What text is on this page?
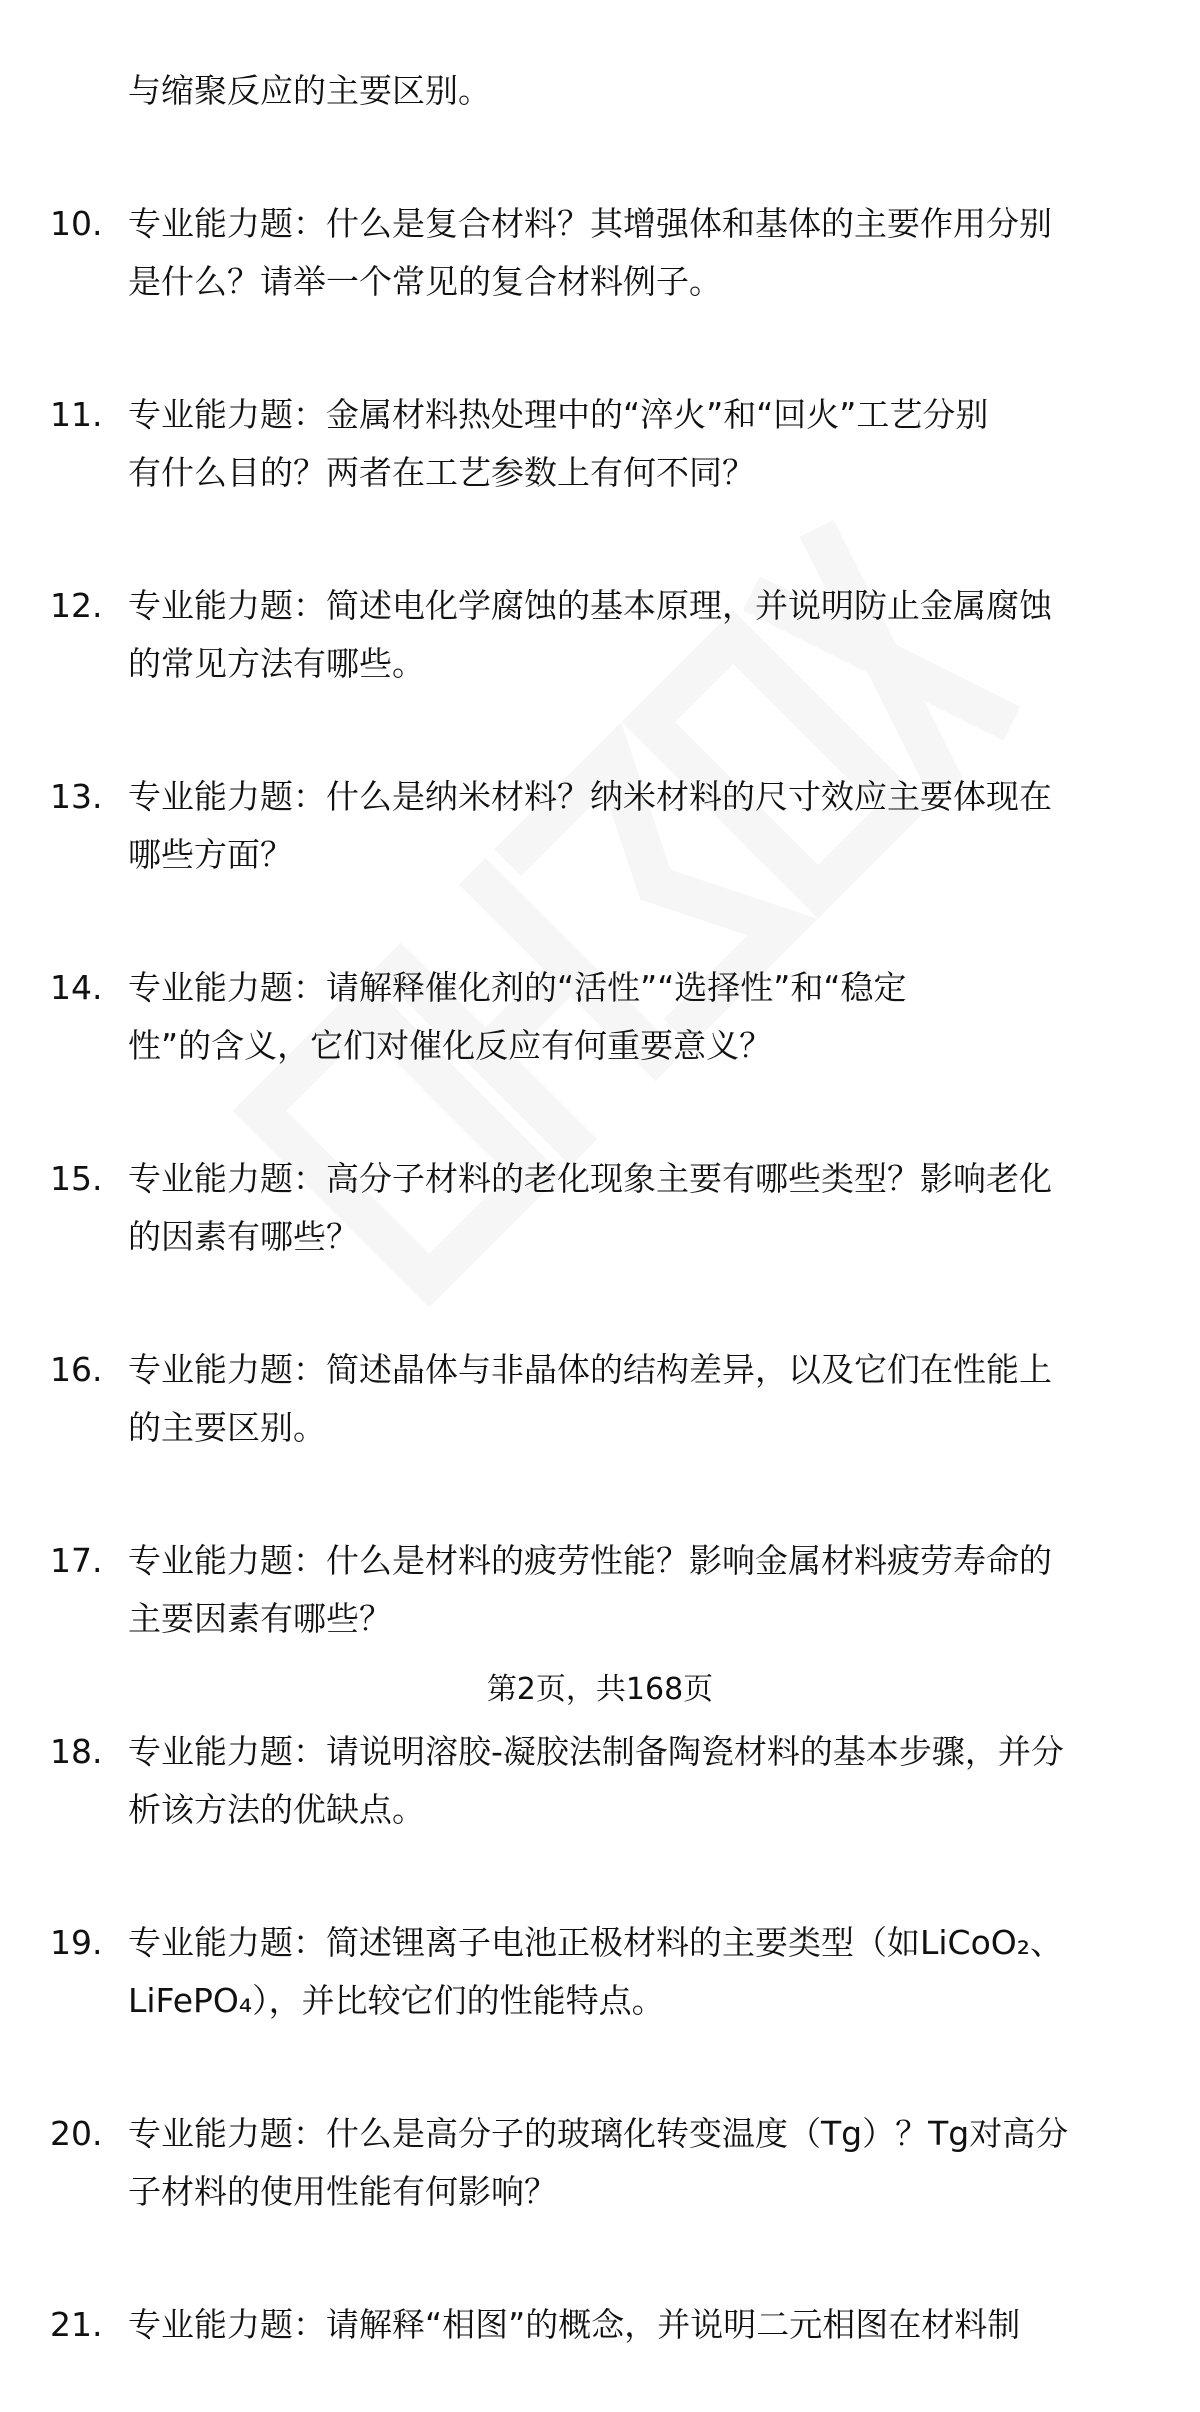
与缩聚反应的主要区别。
10. 专业能力题：什么是复合材料？其增强体和基体的主要作用分别
是什么？请举一个常见的复合材料例子。
11. 专业能力题：金属材料热处理中的“淬火”和“回火”工艺分别
有什么目的？两者在工艺参数上有何不同？
12. 专业能力题：简述电化学腐蚀的基本原理，并说明防止金属腐蚀
的常见方法有哪些。
13. 专业能力题：什么是纳米材料？纳米材料的尺寸效应主要体现在
哪些方面？
14. 专业能力题：请解释催化剂的“活性”“选择性”和“稳定
性”的含义，它们对催化反应有何重要意义？
15. 专业能力题：高分子材料的老化现象主要有哪些类型？影响老化
的因素有哪些？
16. 专业能力题：简述晶体与非晶体的结构差异，以及它们在性能上
的主要区别。
17. 专业能力题：什么是材料的疲劳性能？影响金属材料疲劳寿命的
主要因素有哪些？
18. 专业能力题：请说明溶胶-凝胶法制备陶瓷材料的基本步骤，并分
析该方法的优缺点。
19. 专业能力题：简述锂离子电池正极材料的主要类型（如LiCoO₂、
LiFePO₄），并比较它们的性能特点。
20. 专业能力题：什么是高分子的玻璃化转变温度（Tg）？Tg对高分
子材料的使用性能有何影响？
21. 专业能力题：请解释“相图”的概念，并说明二元相图在材料制
第2页，共168页
